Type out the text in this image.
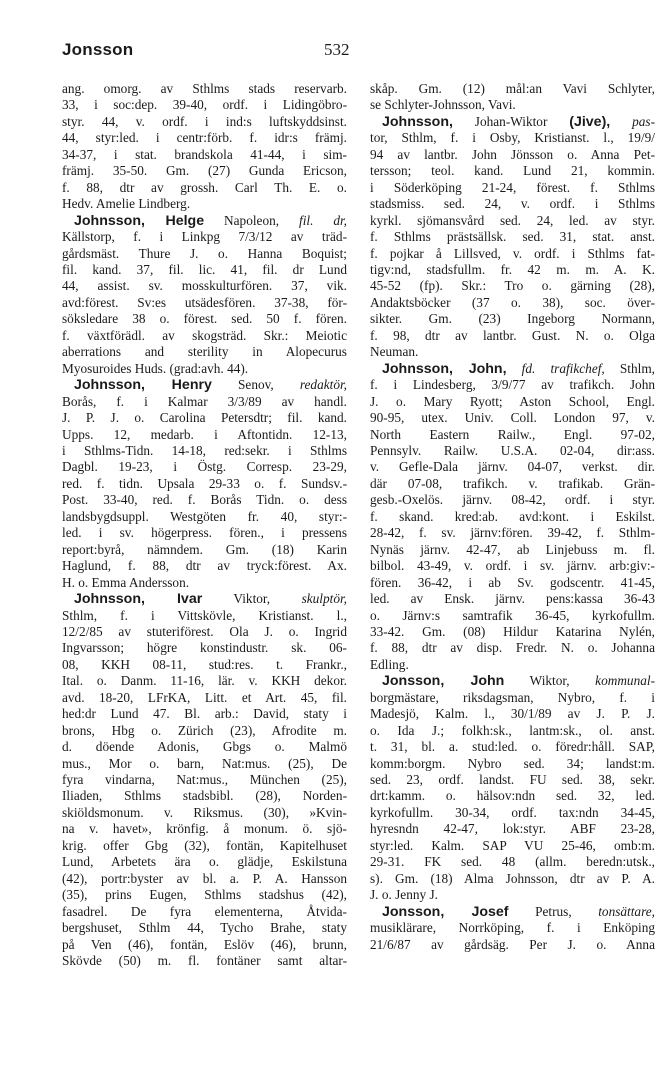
Jonsson	532
ang. omorg. av Sthlms stads reservarb.
33, i soc:dep. 39-40, ordf. i Lidingöbro-
styr. 44, v. ordf. i ind:s luftskyddsinst.
44, styr:led. i centr:förb. f. idr:s främj.
34-37, i stat. brandskola 41-44, i sim-
främj. 35-50. Gm. (27) Gunda Ericson,
f. 88, dtr av grossh. Carl Th. E. o.
Hedv. Amelie Lindberg.
Johnsson, Helge Napoleon, fil. dr,
Källstorp, f. i Linkpg 7/3/12 av träd-
gårdsmäst. Thure J. o. Hanna Boquist;
fil. kand. 37, fil. lic. 41, fil. dr Lund
44, assist. sv. mosskulturfören. 37, vik.
avd:förest. Sv:es utsädesfören. 37-38, för-
söksledare 38 o. förest. sed. 50 f. fören.
f. växtförädl. av skogsträd. Skr.: Meiotic
aberrations and sterility in Alopecurus
Myosuroides Huds. (grad:avh. 44).
Johnsson, Henry Senov, redaktör,
Borås, f. i Kalmar 3/3/89 av handl.
J. P. J. o. Carolina Petersdtr; fil. kand.
Upps. 12, medarb. i Aftontidn. 12-13,
i Sthlms-Tidn. 14-18, red:sekr. i Sthlms
Dagbl. 19-23, i Östg. Corresp. 23-29,
red. f. tidn. Upsala 29-33 o. f. Sundsv.-
Post. 33-40, red. f. Borås Tidn. o. dess
landsbygdsuppl. Westgöten fr. 40, styr:-
led. i sv. högerpress. fören., i pressens
report:byrå, nämndem. Gm. (18) Karin
Haglund, f. 88, dtr av tryck:förest. Ax.
H. o. Emma Andersson.
Johnsson, Ivar Viktor, skulptör,
Sthlm, f. i Vittskövle, Kristianst. l.,
12/2/85 av stuteriförest. Ola J. o. Ingrid
Ingvarsson; högre konstindustr. sk. 06-
08, KKH 08-11, stud:res. t. Frankr.,
Ital. o. Danm. 11-16, lär. v. KKH dekor.
avd. 18-20, LFrKA, Litt. et Art. 45, fil.
hed:dr Lund 47. Bl. arb.: David, staty i
brons, Hbg o. Zürich (23), Afrodite m.
d. döende Adonis, Gbgs o. Malmö
mus., Mor o. barn, Nat:mus. (25), De
fyra vindarna, Nat:mus., München (25),
Iliaden, Sthlms stadsbibl. (28), Norden-
skiöldsmonum. v. Riksmus. (30), »Kvin-
na v. havet», krönfig. å monum. ö. sjö-
krig. offer Gbg (32), fontän, Kapitelhuset
Lund, Arbetets ära o. glädje, Eskilstuna
(42), portr:byster av bl. a. P. A. Hansson
(35), prins Eugen, Sthlms stadshus (42),
fasadrel. De fyra elementerna, Åtvida-
bergshuset, Sthlm 44, Tycho Brahe, staty
på Ven (46), fontän, Eslöv (46), brunn,
Skövde (50) m. fl. fontäner samt altar-
skåp. Gm. (12) mål:an Vavi Schlyter,
se Schlyter-Johnsson, Vavi.
Johnsson, Johan-Wiktor (Jive), pas-
tor, Sthlm, f. i Osby, Kristianst. l., 19/9/
94 av lantbr. John Jönsson o. Anna Pet-
tersson; teol. kand. Lund 21, kommin.
i Söderköping 21-24, förest. f. Sthlms
stadsmiss. sed. 24, v. ordf. i Sthlms
kyrkl. sjömansvård sed. 24, led. av styr.
f. Sthlms prästsällsk. sed. 31, stat. anst.
f. pojkar å Lillsved, v. ordf. i Sthlms fat-
tigv:nd, stadsfullm. fr. 42 m. m. A. K.
45-52 (fp). Skr.: Tro o. gärning (28),
Andaktsböcker (37 o. 38), soc. över-
sikter. Gm. (23) Ingeborg Normann,
f. 98, dtr av lantbr. Gust. N. o. Olga
Neuman.
Johnsson, John, fd. trafikchef, Sthlm,
f. i Lindesberg, 3/9/77 av trafikch. John
J. o. Mary Ryott; Aston School, Engl.
90-95, utex. Univ. Coll. London 97, v.
North Eastern Railw., Engl. 97-02,
Pennsylv. Railw. U.S.A. 02-04, dir:ass.
v. Gefle-Dala järnv. 04-07, verkst. dir.
där 07-08, trafikch. v. trafikab. Grän-
gesb.-Oxelös. järnv. 08-42, ordf. i styr.
f. skand. kred:ab. avd:kont. i Eskilst.
28-42, f. sv. järnv:fören. 39-42, f. Sthlm-
Nynäs järnv. 42-47, ab Linjebuss m. fl.
bilbol. 43-49, v. ordf. i sv. järnv. arb:giv:-
fören. 36-42, i ab Sv. godscentr. 41-45,
led. av Ensk. järnv. pens:kassa 36-43
o. Järnv:s samtrafik 36-45, kyrkofullm.
33-42. Gm. (08) Hildur Katarina Nylén,
f. 88, dtr av disp. Fredr. N. o. Johanna
Edling.
Jonsson, John Wiktor, kommunal-
borgmästare, riksdagsman, Nybro, f. i
Madesjö, Kalm. l., 30/1/89 av J. P. J.
o. Ida J.; folkh:sk., lantm:sk., ol. anst.
t. 31, bl. a. stud:led. o. föredr:håll. SAP,
komm:borgm. Nybro sed. 34; landst:m.
sed. 23, ordf. landst. FU sed. 38, sekr.
drt:kamm. o. hälsov:ndn sed. 32, led.
kyrkofullm. 30-34, ordf. tax:ndn 34-45,
hyresndn 42-47, lok:styr. ABF 23-28,
styr:led. Kalm. SAP VU 25-46, omb:m.
29-31. FK sed. 48 (allm. beredn:utsk.,
s). Gm. (18) Alma Johnsson, dtr av P. A.
J. o. Jenny J.
Jonsson, Josef Petrus, tonsättare,
musiklärare, Norrköping, f. i Enköping
21/6/87 av gårdsäg. Per J. o. Anna
